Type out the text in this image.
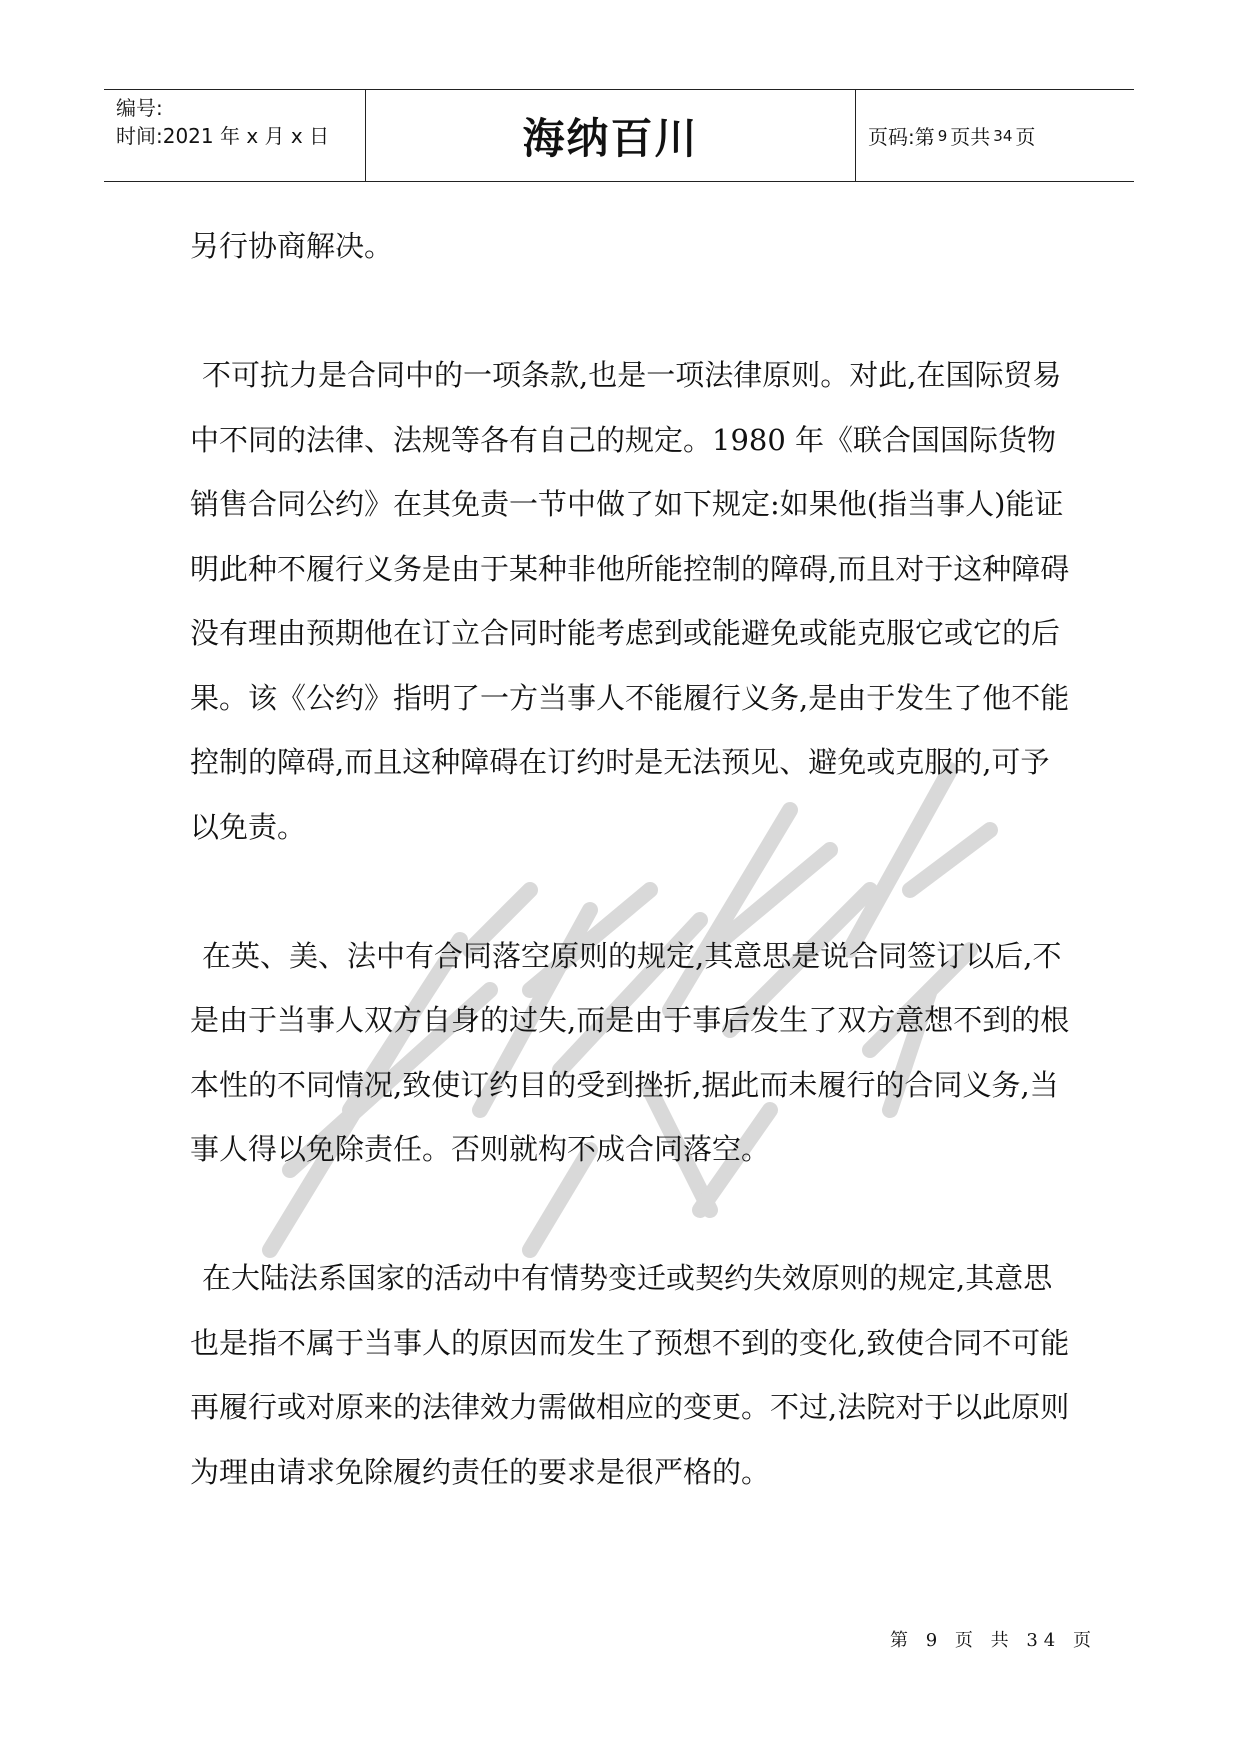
编号:
时间:2021 年 x 月 x 日	海纳百川	页码:第 9 页共 34 页

另行协商解决。

不可抗力是合同中的一项条款,也是一项法律原则。对此,在国际贸易中不同的法律、法规等各有自己的规定。1980 年《联合国国际货物销售合同公约》在其免责一节中做了如下规定:如果他(指当事人)能证明此种不履行义务是由于某种非他所能控制的障碍,而且对于这种障碍没有理由预期他在订立合同时能考虑到或能避免或能克服它或它的后果。该《公约》指明了一方当事人不能履行义务,是由于发生了他不能控制的障碍,而且这种障碍在订约时是无法预见、避免或克服的,可予以免责。

在英、美、法中有合同落空原则的规定,其意思是说合同签订以后,不是由于当事人双方自身的过失,而是由于事后发生了双方意想不到的根本性的不同情况,致使订约目的受到挫折,据此而未履行的合同义务,当事人得以免除责任。否则就构不成合同落空。

在大陆法系国家的活动中有情势变迁或契约失效原则的规定,其意思也是指不属于当事人的原因而发生了预想不到的变化,致使合同不可能再履行或对原来的法律效力需做相应的变更。不过,法院对于以此原则为理由请求免除履约责任的要求是很严格的。

第 9 页 共 34 页
